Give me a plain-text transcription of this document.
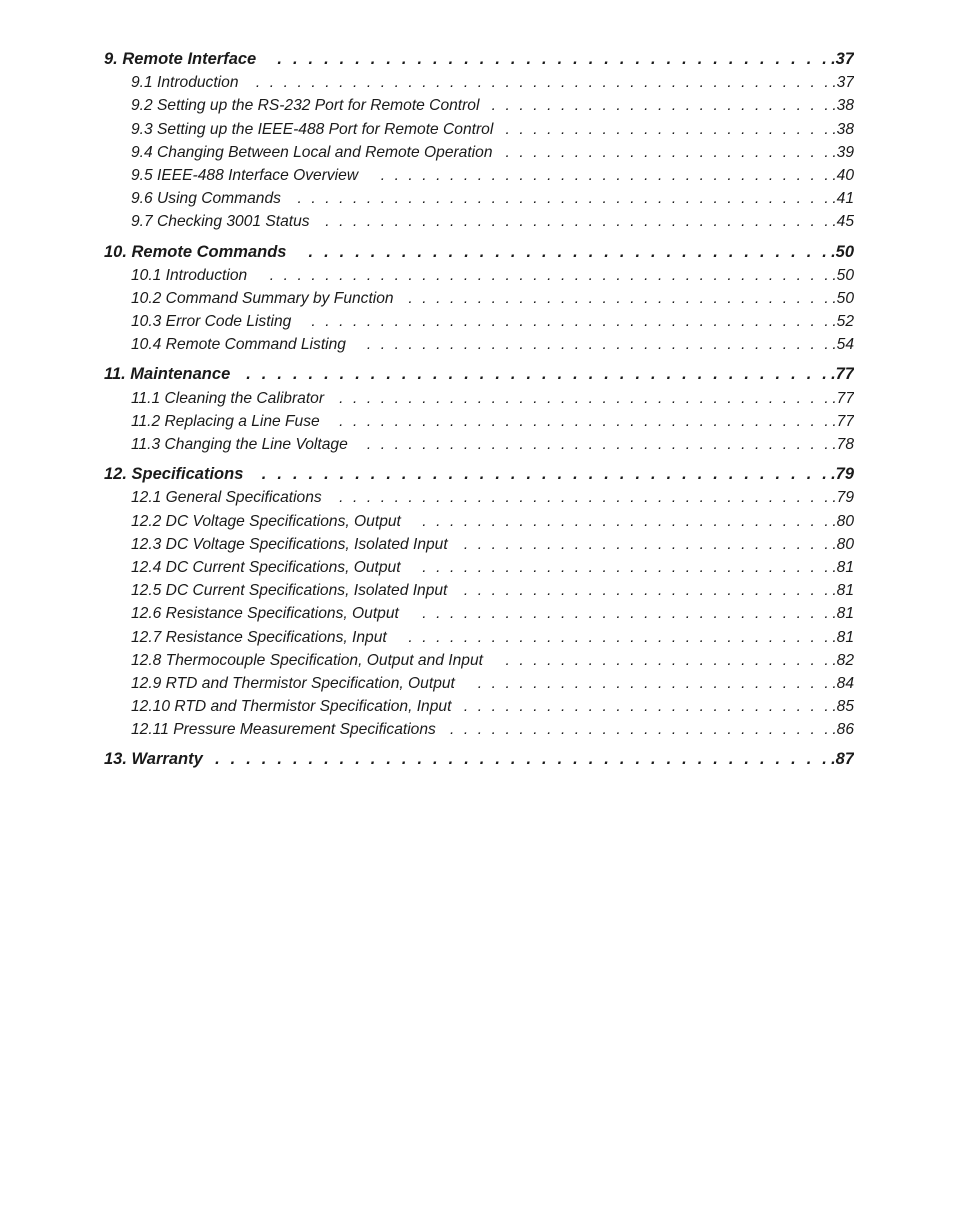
9. Remote Interface . . .	.37
9.1 Introduction . . .	.37
9.2 Setting up the RS-232 Port for Remote Control . . .	.38
9.3 Setting up the IEEE-488 Port for Remote Control . . .	.38
9.4 Changing Between Local and Remote Operation . . .	.39
9.5 IEEE-488 Interface Overview . . .	.40
9.6 Using Commands . . .	.41
9.7 Checking 3001 Status . . .	.45
10. Remote Commands . . .	.50
10.1 Introduction . . .	.50
10.2 Command Summary by Function . . .	.50
10.3 Error Code Listing . . .	.52
10.4 Remote Command Listing . . .	.54
11. Maintenance . . .	.77
11.1 Cleaning the Calibrator . . .	.77
11.2 Replacing a Line Fuse . . .	.77
11.3 Changing the Line Voltage . . .	.78
12. Specifications . . .	.79
12.1 General Specifications . . .	.79
12.2 DC Voltage Specifications, Output . . .	.80
12.3 DC Voltage Specifications, Isolated Input . . .	.80
12.4 DC Current Specifications, Output . . .	.81
12.5 DC Current Specifications, Isolated Input . . .	.81
12.6 Resistance Specifications, Output . . .	.81
12.7 Resistance Specifications, Input . . .	.81
12.8 Thermocouple Specification, Output and Input . . .	.82
12.9 RTD and Thermistor Specification, Output . . .	.84
12.10 RTD and Thermistor Specification, Input . . .	.85
12.11 Pressure Measurement Specifications . . .	.86
13. Warranty . . .	.87
